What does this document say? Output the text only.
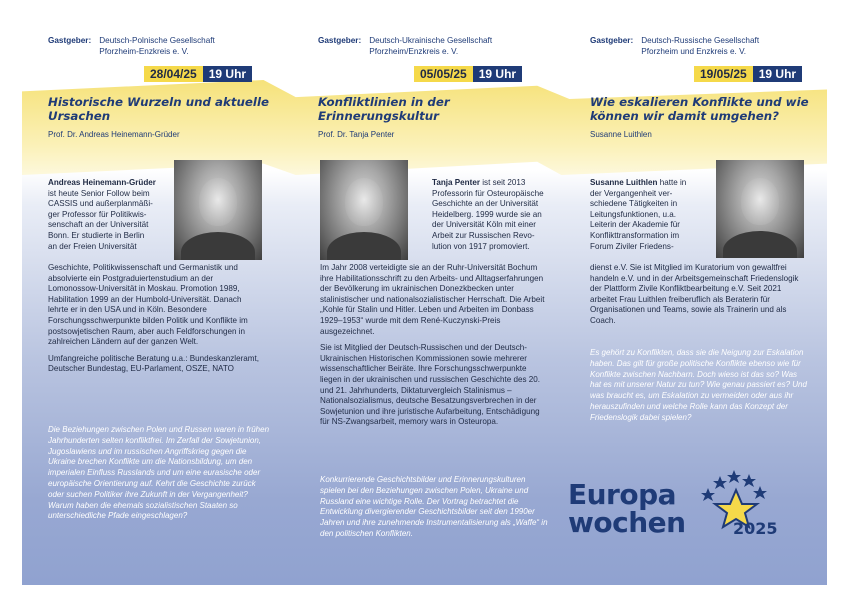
Gastgeber: Deutsch-Polnische Gesellschaft Pforzheim-Enzkreis e. V.
28/04/25	19 Uhr
Historische Wurzeln und aktuelle Ursachen
Prof. Dr. Andreas Heinemann-Grüder
Andreas Heinemann-Grüder
ist heute Senior Follow beim
CASSIS und außerplanmäßi-
ger Professor für Politikwis-
senschaft an der Universität
Bonn. Er studierte in Berlin
an der Freien Universität

Geschichte, Politikwissenschaft und Germanistik und absolvierte ein Postgraduiertenstudium an der Lomonossow-Universität in Moskau. Promotion 1989, Habilitation 1999 an der Humbold-Universität. Danach lehrte er in den USA und in Köln. Besondere Forschungsschwerpunkte bilden Politik und Konflikte im postsowjetischen Raum, aber auch Feldforschungen in zahlreichen Ländern auf der ganzen Welt.

Umfangreiche politische Beratung u.a.: Bundeskanzleramt, Deutscher Bundestag, EU-Parlament, OSZE, NATO

Die Beziehungen zwischen Polen und Russen waren in frühen Jahrhunderten selten konfliktfrei. Im Zerfall der Sowjetunion, Jugoslawiens und im russischen Angriffskrieg gegen die Ukraine brechen Konflikte um die Nationsbildung, um den imperialen Einfluss Russlands und um eine eurasische oder europäische Orientierung auf. Kehrt die Geschichte zurück oder suchen Politiker ihre Zukunft in der Vergangenheit? Warum haben die ehemals sozialistischen Staaten so unterschiedliche Pfade eingeschlagen?
Gastgeber: Deutsch-Ukrainische Gesellschaft Pforzheim/Enzkreis e. V.
05/05/25	19 Uhr
Konfliktlinien in der Erinnerungskultur
Prof. Dr. Tanja Penter
Tanja Penter ist seit 2013
Professorin für Osteuropäische
Geschichte an der Universität
Heidelberg. 1999 wurde sie an
der Universität Köln mit einer
Arbeit zur Russischen Revo-
lution von 1917 promoviert.

Im Jahr 2008 verteidigte sie an der Ruhr-Universität Bochum ihre Habilitationsschrift zu den Arbeits- und Alltagserfahrungen der Bevölkerung im ukrainischen Donezkbecken unter stalinistischer und nationalsozialistischer Herrschaft. Die Arbeit „Kohle für Stalin und Hitler. Leben und Arbeiten im Donbass 1929–1953“ wurde mit dem René-Kuczynski-Preis ausgezeichnet.

Sie ist Mitglied der Deutsch-Russischen und der Deutsch-Ukrainischen Historischen Kommissionen sowie mehrerer wissenschaftlicher Beiräte. Ihre Forschungsschwerpunkte liegen in der ukrainischen und russischen Geschichte des 20. und 21. Jahrhunderts, Diktaturvergleich Stalinismus – Nationalsozialismus, deutsche Besatzungsverbrechen in der Sowjetunion und ihre juristische Aufarbeitung, Entschädigung für NS-Zwangsarbeit, memory wars in Osteuropa.

Konkurrierende Geschichtsbilder und Erinnerungskulturen spielen bei den Beziehungen zwischen Polen, Ukraine und Russland eine wichtige Rolle. Der Vortrag betrachtet die Entwicklung divergierender Geschichtsbilder seit den 1990er Jahren und ihre zunehmende Instrumentalisierung als „Waffe“ in den politischen Konflikten.
Gastgeber: Deutsch-Russische Gesellschaft Pforzheim und Enzkreis e. V.
19/05/25	19 Uhr
Wie eskalieren Konflikte und wie können wir damit umgehen?
Susanne Luithlen
Susanne Luithlen hatte in
der Vergangenheit ver-
schiedene Tätigkeiten in
Leitungsfunktionen, u.a.
Leiterin der Akademie für
Konflikttransformation im
Forum Ziviler Friedens-

dienst e.V. Sie ist Mitglied im Kuratorium von gewaltfrei handeln e.V. und in der Arbeitsgemeinschaft Friedenslogik der Plattform Zivile Konfliktbearbeitung e.V. Seit 2021 arbeitet Frau Luithlen freiberuflich als Beraterin für Organisationen und Teams, sowie als Trainerin und als Coach.

Es gehört zu Konflikten, dass sie die Neigung zur Eskalation haben. Das gilt für große politische Konflikte ebenso wie für Konflikte zwischen Nachbarn. Doch wieso ist das so? Was hat es mit unserer Natur zu tun? Wie genau passiert es? Und was braucht es, um Eskalation zu vermeiden oder aus ihr herauszufinden und welche Rolle kann das Konzept der Friedenslogik dabei spielen?
Europa
wochen	2025
